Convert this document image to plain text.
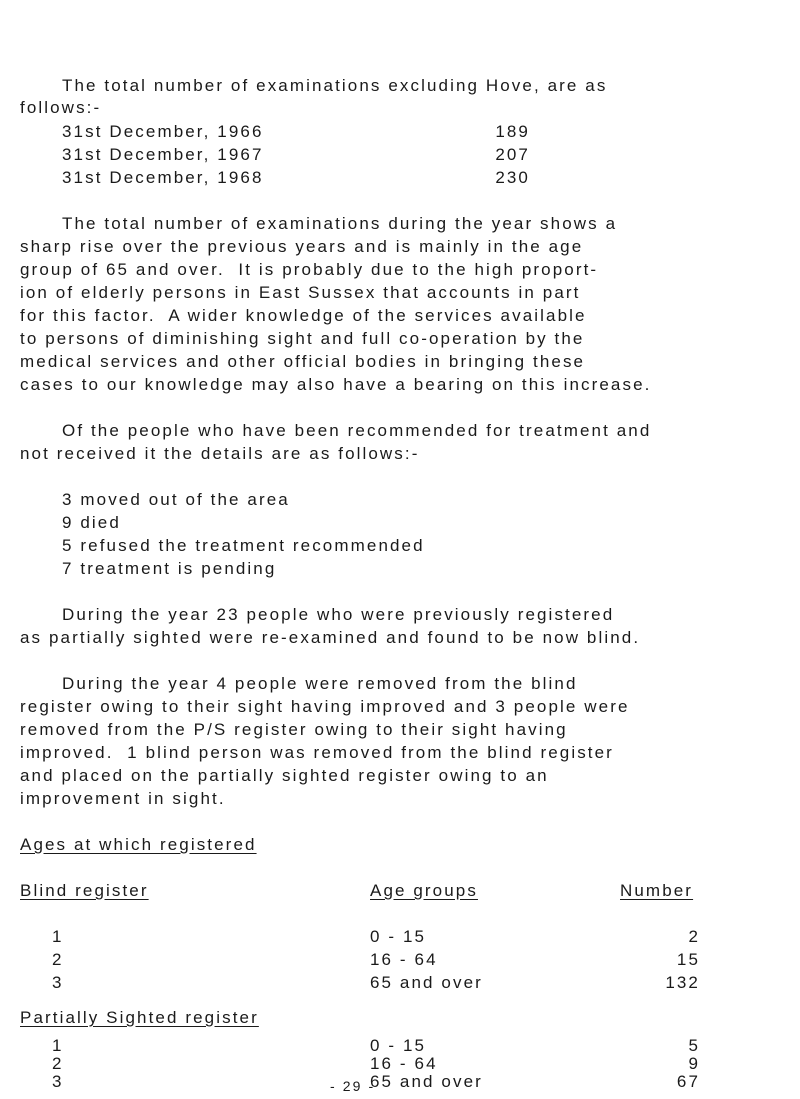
The total number of examinations excluding Hove, are as
follows:-
31st December, 1966	189
31st December, 1967	207
31st December, 1968	230
The total number of examinations during the year shows a
sharp rise over the previous years and is mainly in the age
group of 65 and over.  It is probably due to the high proport-
ion of elderly persons in East Sussex that accounts in part
for this factor.  A wider knowledge of the services available
to persons of diminishing sight and full co-operation by the
medical services and other official bodies in bringing these
cases to our knowledge may also have a bearing on this increase.
Of the people who have been recommended for treatment and
not received it the details are as follows:-
3 moved out of the area
9 died
5 refused the treatment recommended
7 treatment is pending
During the year 23 people who were previously registered
as partially sighted were re-examined and found to be now blind.
During the year 4 people were removed from the blind
register owing to their sight having improved and 3 people were
removed from the P/S register owing to their sight having
improved.  1 blind person was removed from the blind register
and placed on the partially sighted register owing to an
improvement in sight.
Ages at which registered
Blind register	Age groups	Number
1	0 - 15	2
2	16 - 64	15
3	65 and over	132
Partially Sighted register
1	0 - 15	5
2	16 - 64	9
3	65 and over	67
- 29 -
